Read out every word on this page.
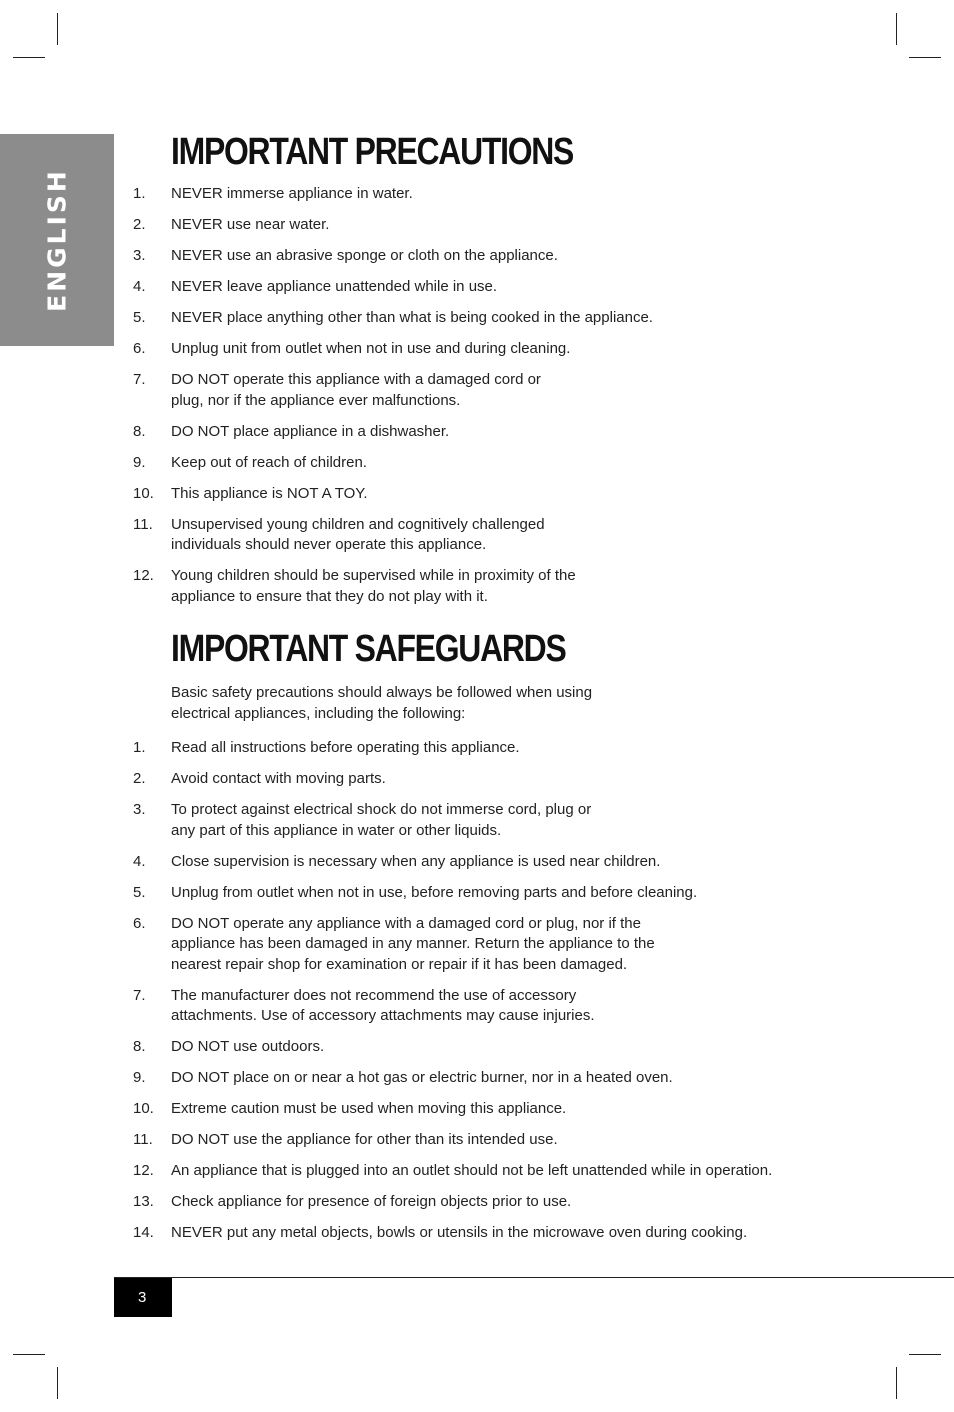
ENGLISH
IMPORTANT PRECAUTIONS
1.	NEVER immerse appliance in water.
2.	NEVER use near water.
3.	NEVER use an abrasive sponge or cloth on the appliance.
4.	NEVER leave appliance unattended while in use.
5.	NEVER place anything other than what is being cooked in the appliance.
6.	Unplug unit from outlet when not in use and during cleaning.
7.	DO NOT operate this appliance with a damaged cord or
plug, nor if the appliance ever malfunctions.
8.	DO NOT place appliance in a dishwasher.
9.	Keep out of reach of children.
10.	This appliance is NOT A TOY.
11.	Unsupervised young children and cognitively challenged
individuals should never operate this appliance.
12.	Young children should be supervised while in proximity of the
appliance to ensure that they do not play with it.
IMPORTANT SAFEGUARDS
Basic safety precautions should always be followed when using
electrical appliances, including the following:
1.	Read all instructions before operating this appliance.
2.	Avoid contact with moving parts.
3.	To protect against electrical shock do not immerse cord, plug or
any part of this appliance in water or other liquids.
4.	Close supervision is necessary when any appliance is used near children.
5.	Unplug from outlet when not in use, before removing parts and before cleaning.
6.	DO NOT operate any appliance with a damaged cord or plug, nor if the
appliance has been damaged in any manner. Return the appliance to the
nearest repair shop for examination or repair if it has been damaged.
7.	The manufacturer does not recommend the use of accessory
attachments. Use of accessory attachments may cause injuries.
8.	DO NOT use outdoors.
9.	DO NOT place on or near a hot gas or electric burner, nor in a heated oven.
10.	Extreme caution must be used when moving this appliance.
11.	DO NOT use the appliance for other than its intended use.
12.	An appliance that is plugged into an outlet should not be left unattended while in operation.
13.	Check appliance for presence of foreign objects prior to use.
14.	NEVER put any metal objects, bowls or utensils in the microwave oven during cooking.
3
